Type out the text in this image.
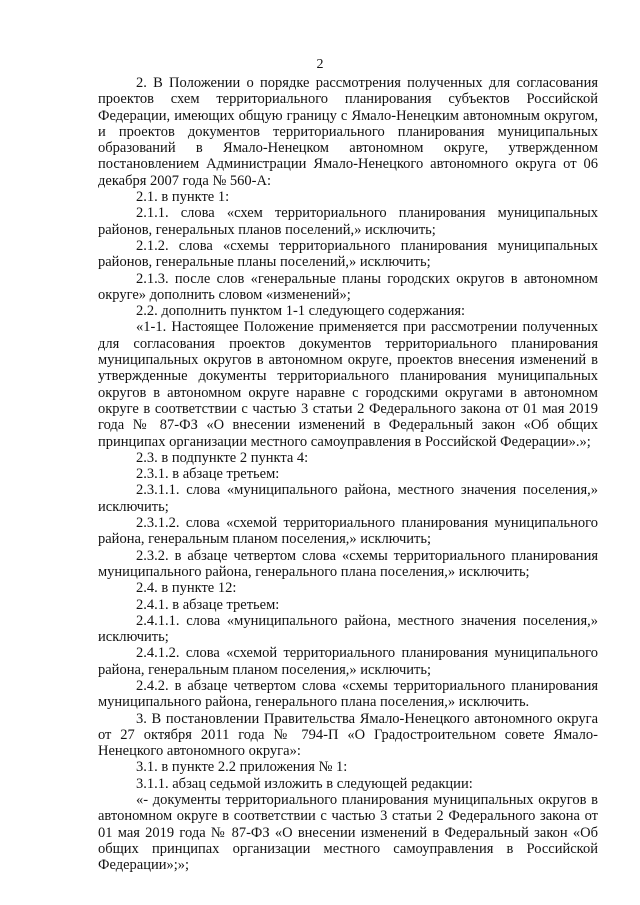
2

2. В Положении о порядке рассмотрения полученных для согласования проектов схем территориального планирования субъектов Российской Федерации, имеющих общую границу с Ямало-Ненецким автономным округом, и проектов документов территориального планирования муниципальных образований в Ямало-Ненецком автономном округе, утвержденном постановлением Администрации Ямало-Ненецкого автономного округа от 06 декабря 2007 года № 560-А:

2.1. в пункте 1:

2.1.1. слова «схем территориального планирования муниципальных районов, генеральных планов поселений,» исключить;

2.1.2. слова «схемы территориального планирования муниципальных районов, генеральные планы поселений,» исключить;

2.1.3. после слов «генеральные планы городских округов в автономном округе» дополнить словом «изменений»;

2.2. дополнить пунктом 1-1 следующего содержания:

«1-1. Настоящее Положение применяется при рассмотрении полученных для согласования проектов документов территориального планирования муниципальных округов в автономном округе, проектов внесения изменений в утвержденные документы территориального планирования муниципальных округов в автономном округе наравне с городскими округами в автономном округе в соответствии с частью 3 статьи 2 Федерального закона от 01 мая 2019 года № 87-ФЗ «О внесении изменений в Федеральный закон «Об общих принципах организации местного самоуправления в Российской Федерации».»;

2.3. в подпункте 2 пункта 4:

2.3.1. в абзаце третьем:

2.3.1.1. слова «муниципального района, местного значения поселения,» исключить;

2.3.1.2. слова «схемой территориального планирования муниципального района, генеральным планом поселения,» исключить;

2.3.2. в абзаце четвертом слова «схемы территориального планирования муниципального района, генерального плана поселения,» исключить;

2.4. в пункте 12:

2.4.1. в абзаце третьем:

2.4.1.1. слова «муниципального района, местного значения поселения,» исключить;

2.4.1.2. слова «схемой территориального планирования муниципального района, генеральным планом поселения,» исключить;

2.4.2. в абзаце четвертом слова «схемы территориального планирования муниципального района, генерального плана поселения,» исключить.

3. В постановлении Правительства Ямало-Ненецкого автономного округа от 27 октября 2011 года № 794-П «О Градостроительном совете Ямало-Ненецкого автономного округа»:

3.1. в пункте 2.2 приложения № 1:

3.1.1. абзац седьмой изложить в следующей редакции:

«- документы территориального планирования муниципальных округов в автономном округе в соответствии с частью 3 статьи 2 Федерального закона от 01 мая 2019 года № 87-ФЗ «О внесении изменений в Федеральный закон «Об общих принципах организации местного самоуправления в Российской Федерации»;»;
